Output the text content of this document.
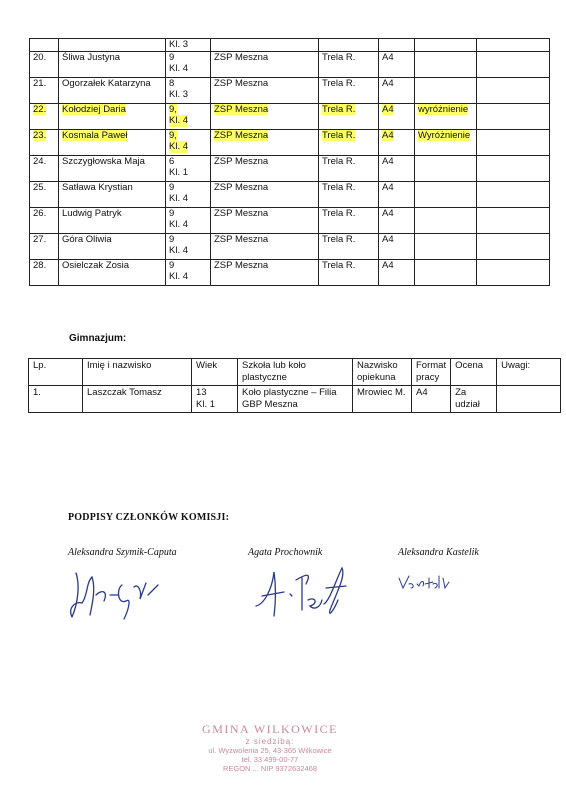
		Kl. 3					
20.	Śliwa Justyna	9
Kl. 4	ZSP Meszna	Trela R.	A4		
21.	Ogorzałek Katarzyna	8
Kl. 3	ZSP Meszna	Trela R.	A4		
22.	Kołodziej Daria	9,
Kl. 4	ZSP Meszna	Trela R.	A4	wyróżnienie	
23.	Kosmala Paweł	9,
Kl. 4	ZSP Meszna	Trela R.	A4	Wyróżnienie	
24.	Szczygłowska Maja	6
Kl. 1	ZSP Meszna	Trela R.	A4		
25.	Satława Krystian	9
Kl. 4	ZSP Meszna	Trela R.	A4		
26.	Ludwig Patryk	9
Kl. 4	ZSP Meszna	Trela R.	A4		
27.	Góra Oliwia	9
Kl. 4	ZSP Meszna	Trela R.	A4		
28.	Osielczak Zosia	9
Kl. 4	ZSP Meszna	Trela R.	A4		
Gimnazjum:
Lp.	Imię i nazwisko	Wiek	Szkoła lub koło plastyczne	Nazwisko opiekuna	Format pracy	Ocena	Uwagi:
1.	Laszczak Tomasz	13
Kl. 1	Koło plastyczne – Filia GBP Meszna	Mrowiec M.	A4	Za udział	
PODPISY CZŁONKÓW KOMISJI:
Aleksandra Szymik-Caputa	Agata Prochownik	Aleksandra Kastelik
GMINA WILKOWICE
z siedzibą:
ul. Wyzwolenia 25, 43-365 Wilkowice
tel. 33 499-00-77
REGON ... NIP 9372632468
